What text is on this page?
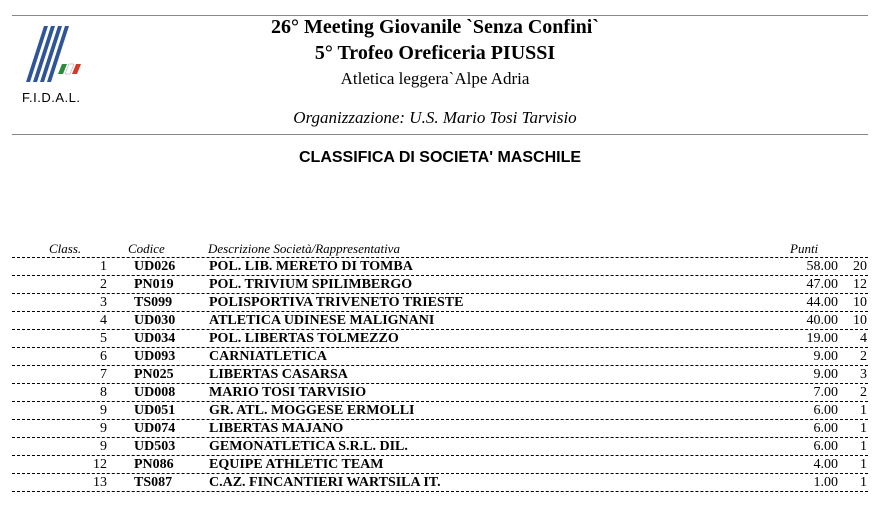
F.I.D.A.L.
26° Meeting Giovanile `Senza Confini`
5° Trofeo Oreficeria PIUSSI
Atletica leggera`Alpe Adria
Organizzazione: U.S. Mario Tosi Tarvisio
CLASSIFICA DI SOCIETA' MASCHILE
Class.	Codice	Descrizione Società/Rappresentativa	Punti
1 UD026 POL. LIB. MERETO DI TOMBA	58.00	20
2 PN019	POL. TRIVIUM SPILIMBERGO	47.00	12
3 TS099	POLISPORTIVA TRIVENETO TRIESTE	44.00	10
4 UD030 ATLETICA UDINESE MALIGNANI	40.00	10
5 UD034 POL. LIBERTAS TOLMEZZO	19.00	4
6 UD093 CARNIATLETICA	9.00	2
7 PN025	LIBERTAS CASARSA	9.00	3
8 UD008 MARIO TOSI TARVISIO	7.00	2
9 UD051 GR. ATL. MOGGESE ERMOLLI	6.00	1
9 UD074 LIBERTAS MAJANO	6.00	1
9 UD503 GEMONATLETICA S.R.L. DIL.	6.00	1
12 PN086	EQUIPE ATHLETIC TEAM	4.00	1
13 TS087	C.AZ. FINCANTIERI WARTSILA IT.	1.00	1
